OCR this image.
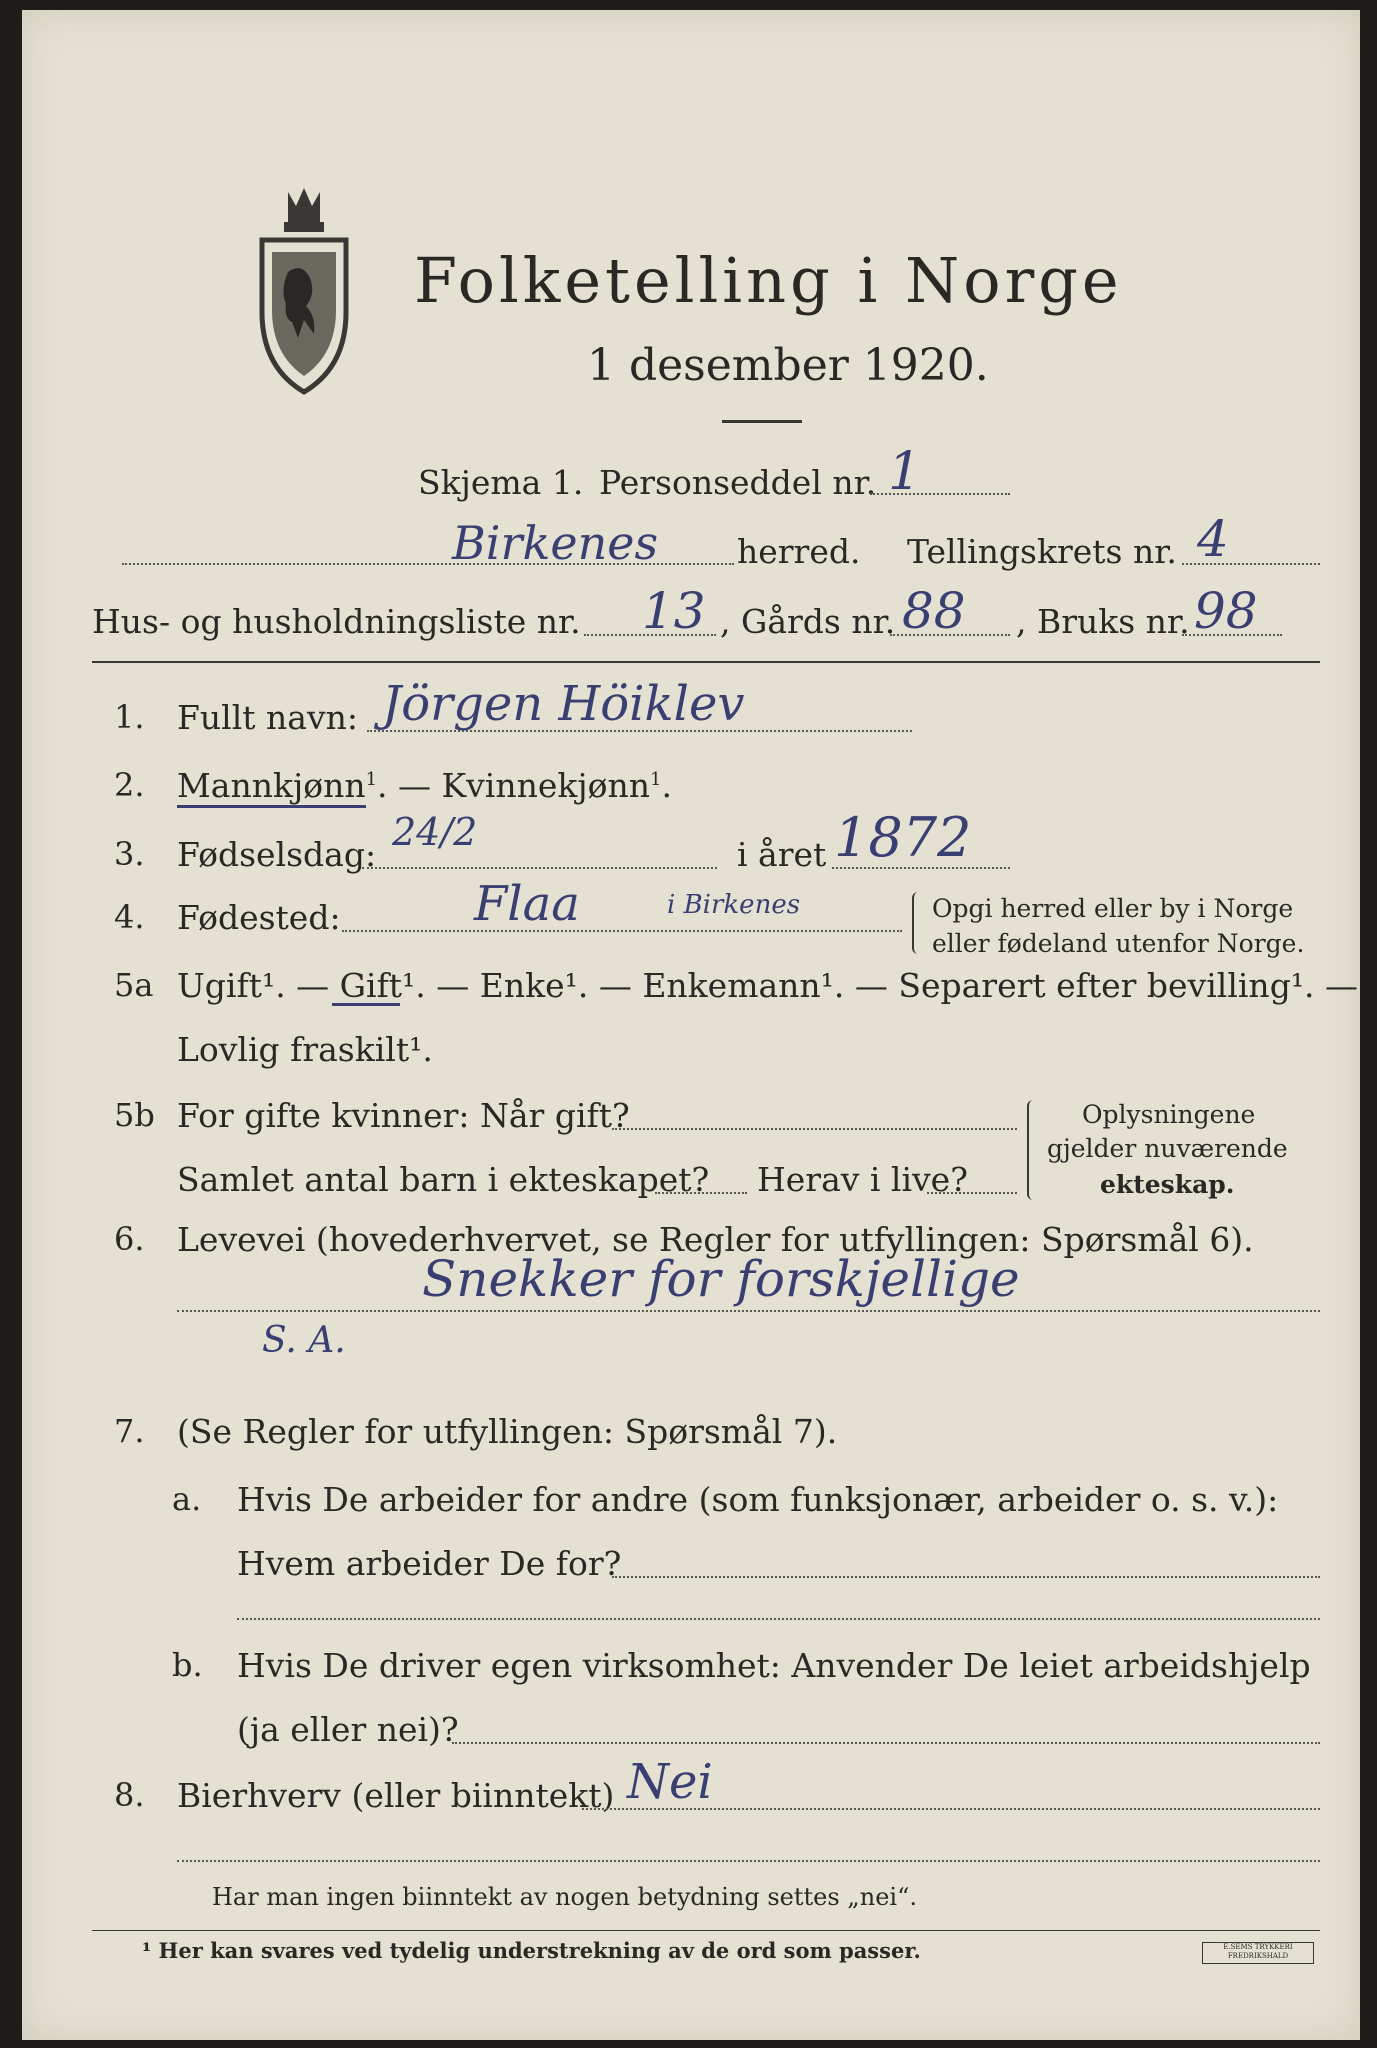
Folketelling i Norge
1 desember 1920.
Skjema 1. Personseddel nr. 1
Birkenes herred. Tellingskrets nr. 4
Hus- og husholdningsliste nr. 13 , Gårds nr. 88 , Bruks nr. 98
1. Fullt navn: Jörgen Höiklev
2. Mannkjønn$^1$. — Kvinnekjønn$^1$.
3. Fødselsdag:
24/2
i året 1872
4. Fødested:	Flaa	i Birkenes	Opgi herred eller by i Norge
eller fødeland utenfor Norge.
5a Ugift¹. — Gift¹. — Enke¹. — Enkemann¹. — Separert efter bevilling¹. —
Lovlig fraskilt¹.
5b For gifte kvinner: Når gift?
Samlet antal barn i ekteskapet? Herav i live?
Oplysningene
gjelder nuværende
ekteskap.
6. Levevei (hovederhvervet, se Regler for utfyllingen: Spørsmål 6).
Snekker for forskjellige
S. A.
7. (Se Regler for utfyllingen: Spørsmål 7).
a. Hvis De arbeider for andre (som funksjonær, arbeider o. s. v.):
Hvem arbeider De for?
b. Hvis De driver egen virksomhet: Anvender De leiet arbeidshjelp
(ja eller nei)?
8. Bierhverv (eller biinntekt) Nei
Har man ingen biinntekt av nogen betydning settes „nei“.
¹ Her kan svares ved tydelig understrekning av de ord som passer.	E.SEMS TRYKKERI FREDRIKSHALD
